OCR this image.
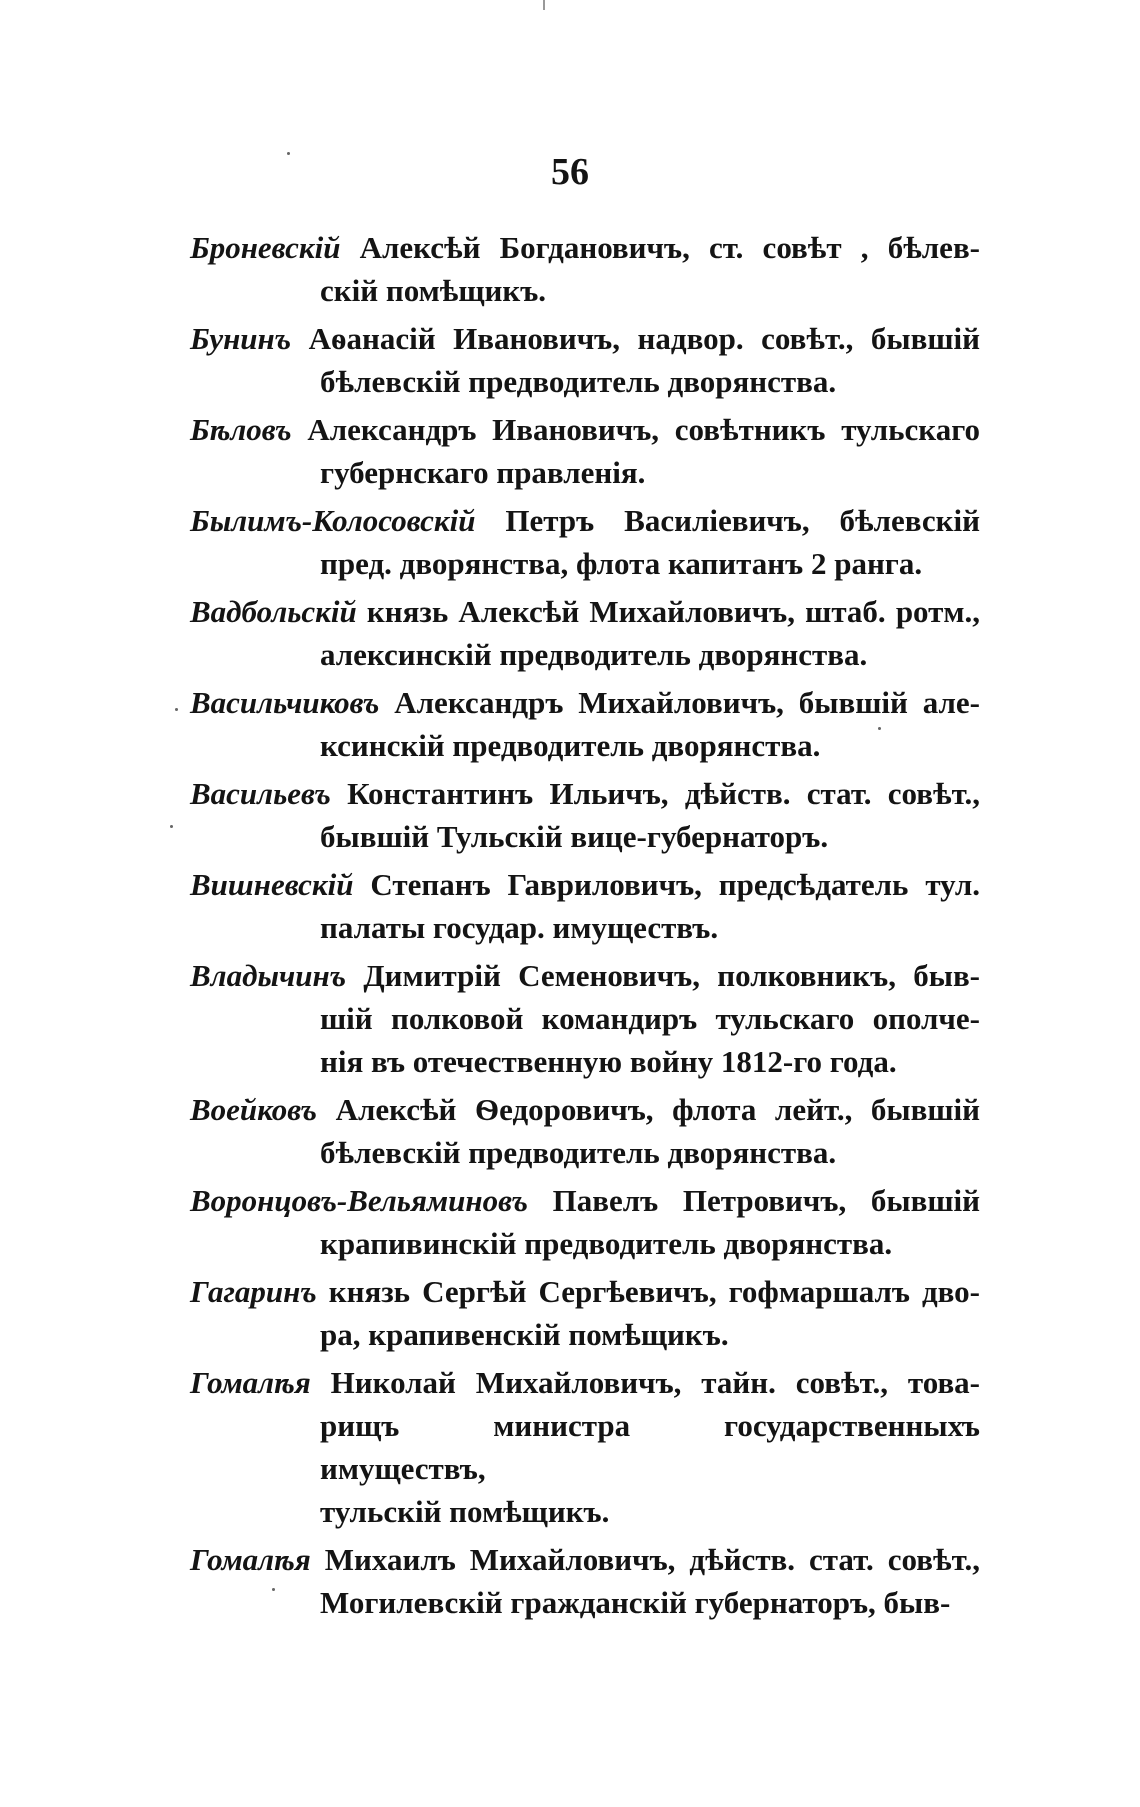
56

Броневскій Алексѣй Богдановичъ, ст. совѣт , бѣлев-

скій помѣщикъ.

Бунинъ Аѳанасій Ивановичъ, надвор. совѣт., бывшій

бѣлевскій предводитель дворянства.

Бѣловъ Александръ Ивановичъ, совѣтникъ тульскаго

губернскаго правленія.

Былимъ-Колосовскій Петръ Василіевичъ, бѣлевскій

пред. дворянства, флота капитанъ 2 ранга.

Вадбольскій князь Алексѣй Михайловичъ, штаб. ротм.,

алексинскій предводитель дворянства.

Васильчиковъ Александръ Михайловичъ, бывшій але-

ксинскій предводитель дворянства.

Васильевъ Константинъ Ильичъ, дѣйств. стат. совѣт.,

бывшій Тульскій вице-губернаторъ.

Вишневскій Степанъ Гавриловичъ, предсѣдатель тул.

палаты государ. имуществъ.

Владычинъ Димитрій Семеновичъ, полковникъ, быв-

шій полковой командиръ тульскаго ополче-

нія въ отечественную войну 1812-го года.

Воейковъ Алексѣй Ѳедоровичъ, флота лейт., бывшій

бѣлевскій предводитель дворянства.

Воронцовъ-Вельяминовъ Павелъ Петровичъ, бывшій

крапивинскій предводитель дворянства.

Гагаринъ князь Сергѣй Сергѣевичъ, гофмаршалъ дво-

ра, крапивенскій помѣщикъ.

Гомалѣя Николай Михайловичъ, тайн. совѣт., това-

рищъ министра государственныхъ имуществъ,

тульскій помѣщикъ.

Гомалѣя Михаилъ Михайловичъ, дѣйств. стат. совѣт.,

Могилевскій гражданскій губернаторъ, быв-
